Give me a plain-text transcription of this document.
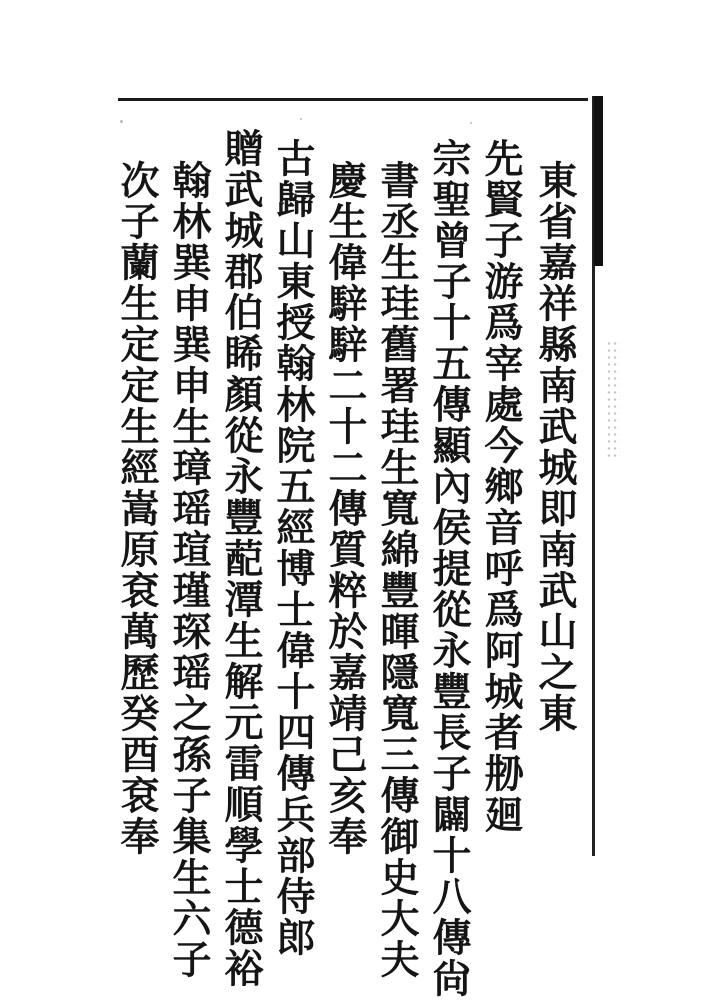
東省嘉祥縣南武城即南武山之東
先賢子游爲宰處今鄉音呼爲阿城者刱廻
宗聖曾子十五傳顯內侯提從永豐長子闢十八傳尙
書丞生珪舊署珪生寬綿豐暉隱寬三傳御史大夫
慶生偉騂騂二十二傳質粹於嘉靖己亥奉
古歸山東授翰林院五經博士偉十四傳兵部侍郎
贈武城郡伯睎顏從永豐蓜潭生解元雷順學士德裕
翰林巽申巽申生璋瑶瑄瑾琛瑶之孫子集生六子
次子蘭生定定生經嵩原袞萬歷癸酉袞奉
